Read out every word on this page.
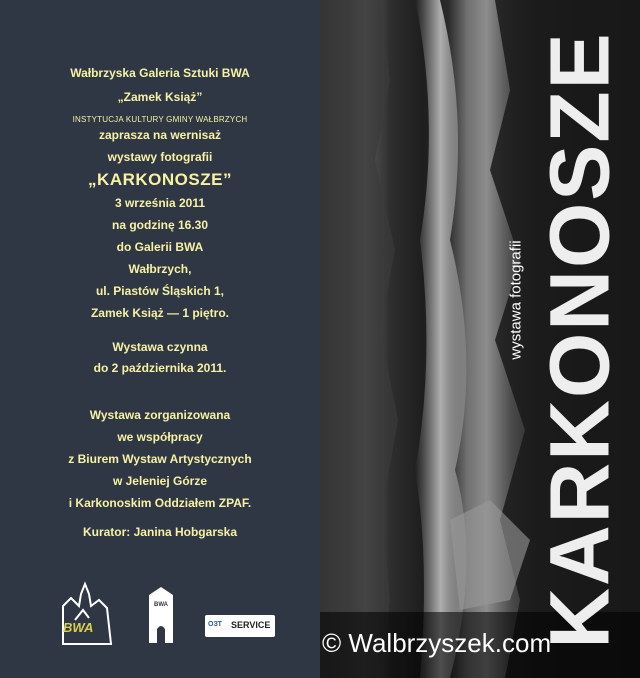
Wałbrzyska Galeria Sztuki BWA
„Zamek Książ”
INSTYTUCJA KULTURY GMINY WAŁBRZYCH
zaprasza na wernisaż
wystawy fotografii
„KARKONOSZE”
3 września 2011
na godzinę 16.30
do Galerii BWA
Wałbrzych,
ul. Piastów Śląskich 1,
Zamek Książ — 1 piętro.
Wystawa czynna
do 2 października 2011.
Wystawa zorganizowana
we współpracy
z Biurem Wystaw Artystycznych
w Jeleniej Górze
i Karkonoskim Oddziałem ZPAF.
Kurator: Janina Hobgarska
BWA
BWA
ОЗТ SERVICE
wystawa fotografii KARKONOSZE
© Walbrzyszek.com
